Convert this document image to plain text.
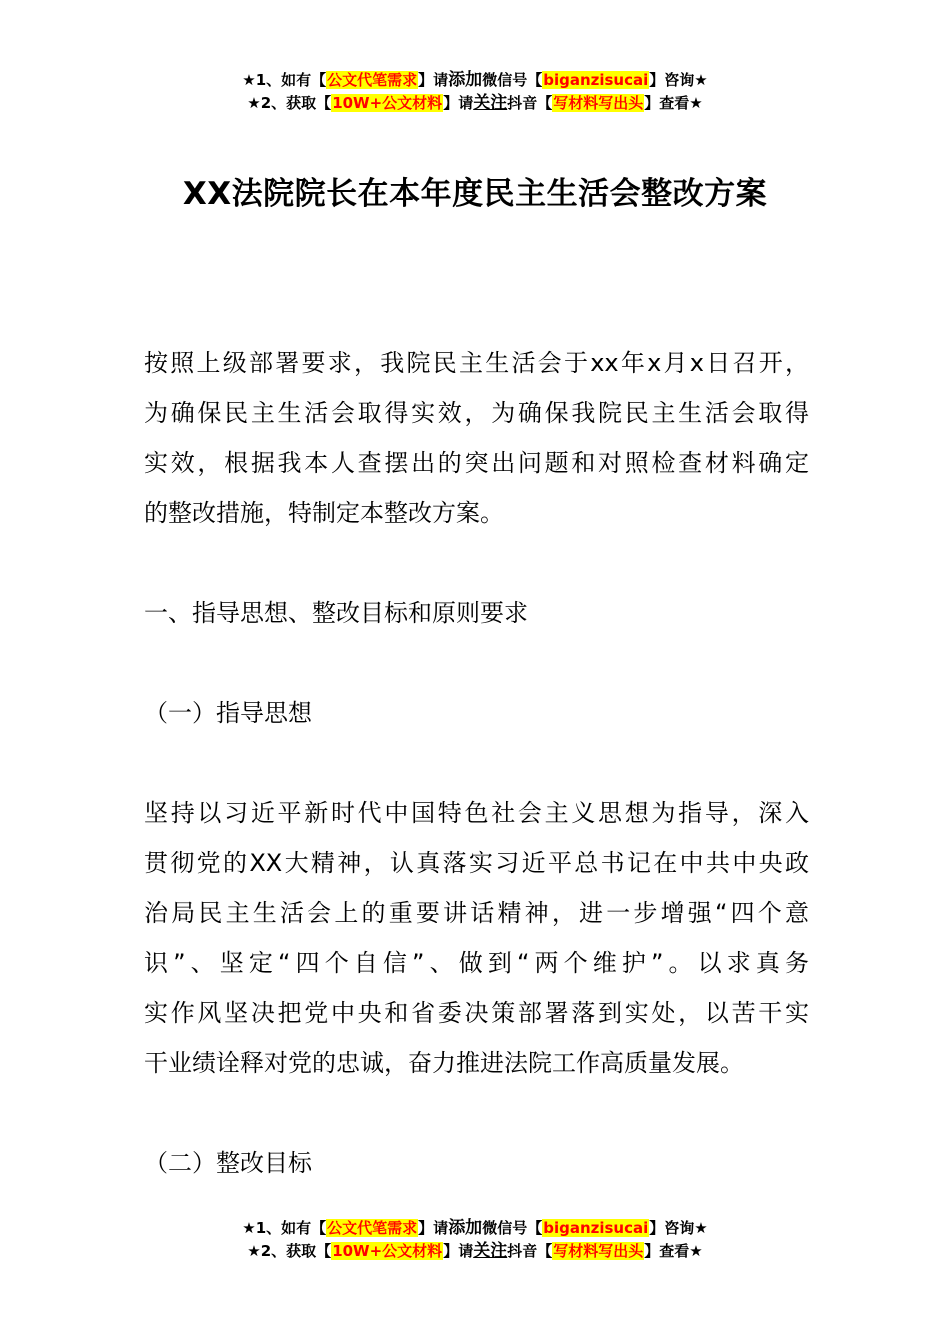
★1、如有【公文代笔需求】请添加微信号【biganzisucai】咨询★
★2、获取【10W+公文材料】请关注抖音【写材料写出头】查看★
XX法院院长在本年度民主生活会整改方案

按照上级部署要求，我院民主生活会于xx年x月x日召开，
为确保民主生活会取得实效，为确保我院民主生活会取得
实效，根据我本人查摆出的突出问题和对照检查材料确定
的整改措施，特制定本整改方案。

一、指导思想、整改目标和原则要求

（一）指导思想

坚持以习近平新时代中国特色社会主义思想为指导，深入
贯彻党的XX大精神，认真落实习近平总书记在中共中央政
治局民主生活会上的重要讲话精神，进一步增强“四个意
识”、坚定“四个自信”、做到“两个维护”。以求真务
实作风坚决把党中央和省委决策部署落到实处，以苦干实
干业绩诠释对党的忠诚，奋力推进法院工作高质量发展。

（二）整改目标

★1、如有【公文代笔需求】请添加微信号【biganzisucai】咨询★
★2、获取【10W+公文材料】请关注抖音【写材料写出头】查看★
